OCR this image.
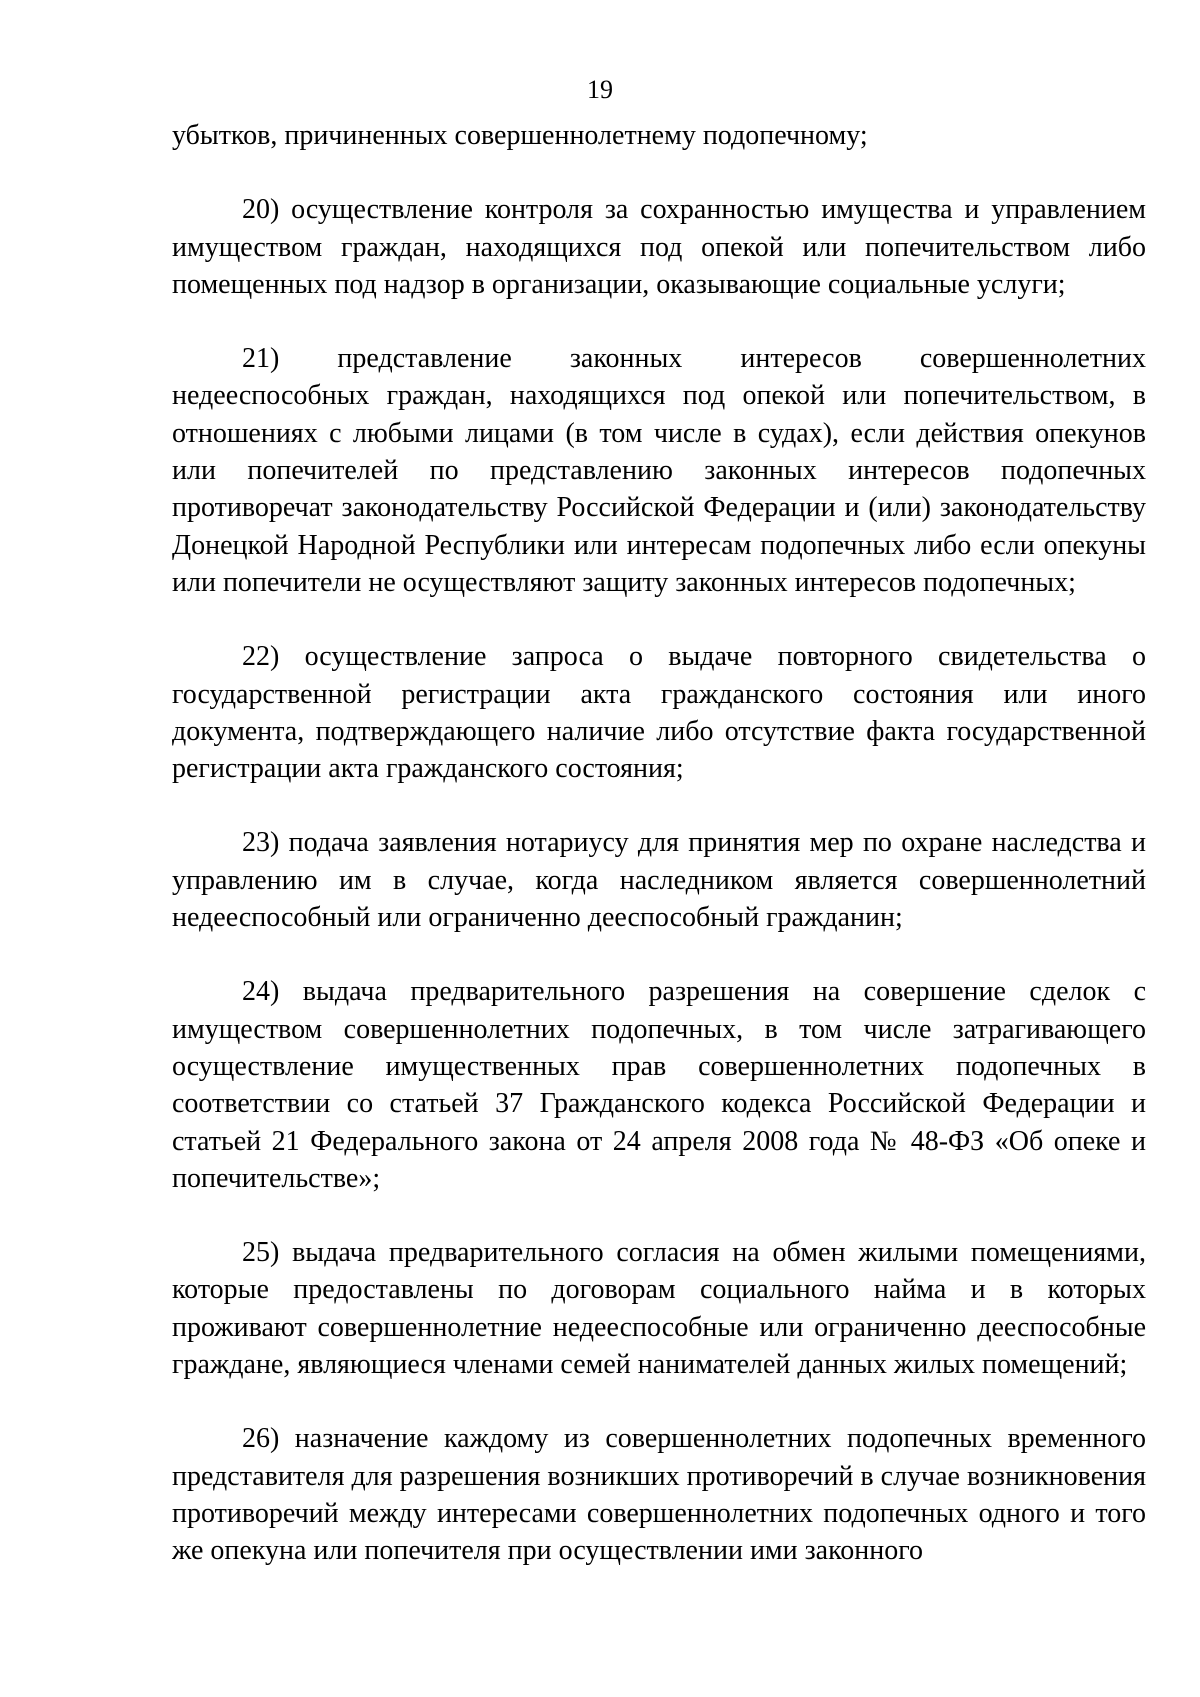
19

убытков, причиненных совершеннолетнему подопечному;

20) осуществление контроля за сохранностью имущества и управлением имуществом граждан, находящихся под опекой или попечительством либо помещенных под надзор в организации, оказывающие социальные услуги;

21) представление законных интересов совершеннолетних недееспособных граждан, находящихся под опекой или попечительством, в отношениях с любыми лицами (в том числе в судах), если действия опекунов или попечителей по представлению законных интересов подопечных противоречат законодательству Российской Федерации и (или) законодательству Донецкой Народной Республики или интересам подопечных либо если опекуны или попечители не осуществляют защиту законных интересов подопечных;

22) осуществление запроса о выдаче повторного свидетельства о государственной регистрации акта гражданского состояния или иного документа, подтверждающего наличие либо отсутствие факта государственной регистрации акта гражданского состояния;

23) подача заявления нотариусу для принятия мер по охране наследства и управлению им в случае, когда наследником является совершеннолетний недееспособный или ограниченно дееспособный гражданин;

24) выдача предварительного разрешения на совершение сделок с имуществом совершеннолетних подопечных, в том числе затрагивающего осуществление имущественных прав совершеннолетних подопечных в соответствии со статьей 37 Гражданского кодекса Российской Федерации и статьей 21 Федерального закона от 24 апреля 2008 года № 48-ФЗ «Об опеке и попечительстве»;

25) выдача предварительного согласия на обмен жилыми помещениями, которые предоставлены по договорам социального найма и в которых проживают совершеннолетние недееспособные или ограниченно дееспособные граждане, являющиеся членами семей нанимателей данных жилых помещений;

26) назначение каждому из совершеннолетних подопечных временного представителя для разрешения возникших противоречий в случае возникновения противоречий между интересами совершеннолетних подопечных одного и того же опекуна или попечителя при осуществлении ими законного
